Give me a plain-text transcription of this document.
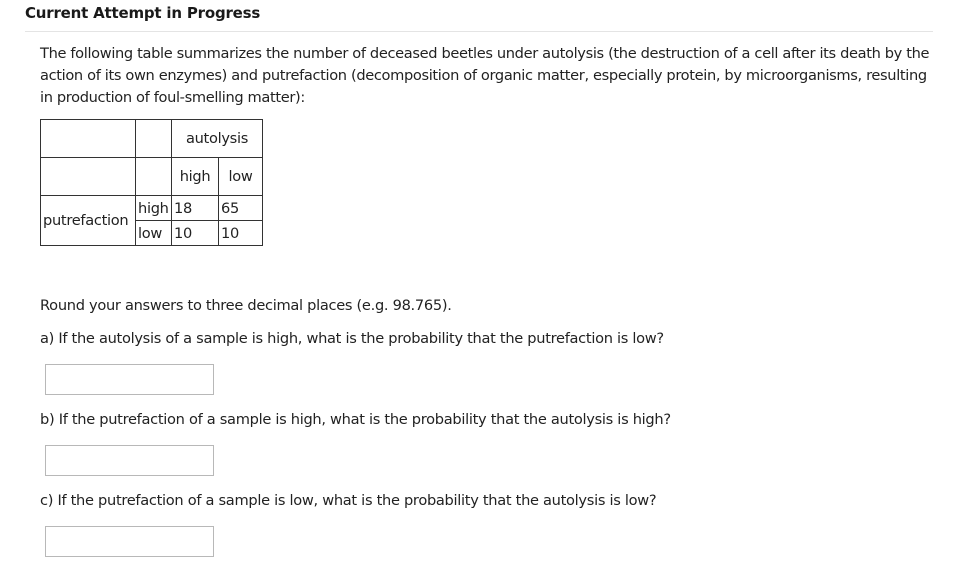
Current Attempt in Progress
The following table summarizes the number of deceased beetles under autolysis (the destruction of a cell after its death by the action of its own enzymes) and putrefaction (decomposition of organic matter, especially protein, by microorganisms, resulting in production of foul-smelling matter):
		autolysis	
		high	low
putrefaction	high	18	65
	low	10	10
Round your answers to three decimal places (e.g. 98.765).
a) If the autolysis of a sample is high, what is the probability that the putrefaction is low?
b) If the putrefaction of a sample is high, what is the probability that the autolysis is high?
c) If the putrefaction of a sample is low, what is the probability that the autolysis is low?
